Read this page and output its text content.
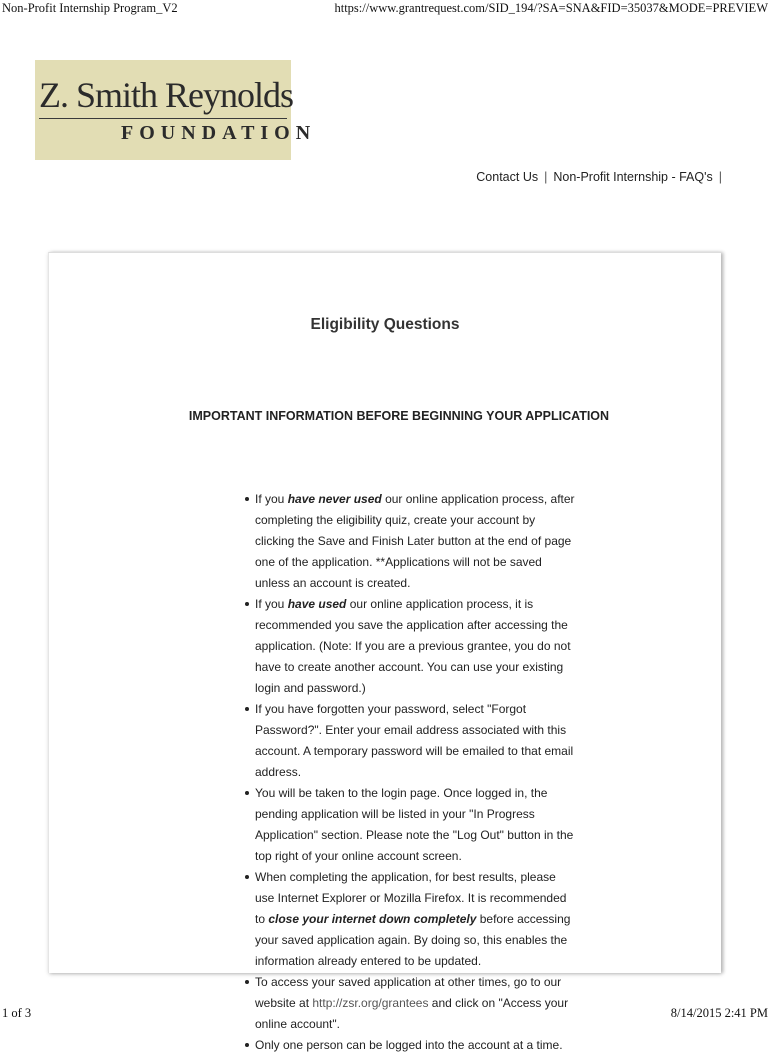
Non-Profit Internship Program_V2	https://www.grantrequest.com/SID_194/?SA=SNA&FID=35037&MODE=PREVIEW
Z. Smith Reynolds
FOUNDATION
Contact Us | Non-Profit Internship - FAQ's |
Eligibility Questions
IMPORTANT INFORMATION BEFORE BEGINNING YOUR APPLICATION
If you have never used our online application process, after completing the eligibility quiz, create your account by clicking the Save and Finish Later button at the end of page one of the application. **Applications will not be saved unless an account is created.
If you have used our online application process, it is recommended you save the application after accessing the application. (Note: If you are a previous grantee, you do not have to create another account. You can use your existing login and password.)
If you have forgotten your password, select "Forgot Password?". Enter your email address associated with this account. A temporary password will be emailed to that email address.
You will be taken to the login page. Once logged in, the pending application will be listed in your "In Progress Application" section. Please note the "Log Out" button in the top right of your online account screen.
When completing the application, for best results, please use Internet Explorer or Mozilla Firefox. It is recommended to close your internet down completely before accessing your saved application again. By doing so, this enables the information already entered to be updated.
To access your saved application at other times, go to our website at http://zsr.org/grantees and click on "Access your online account".
Only one person can be logged into the account at a time.
1 of 3	8/14/2015 2:41 PM
